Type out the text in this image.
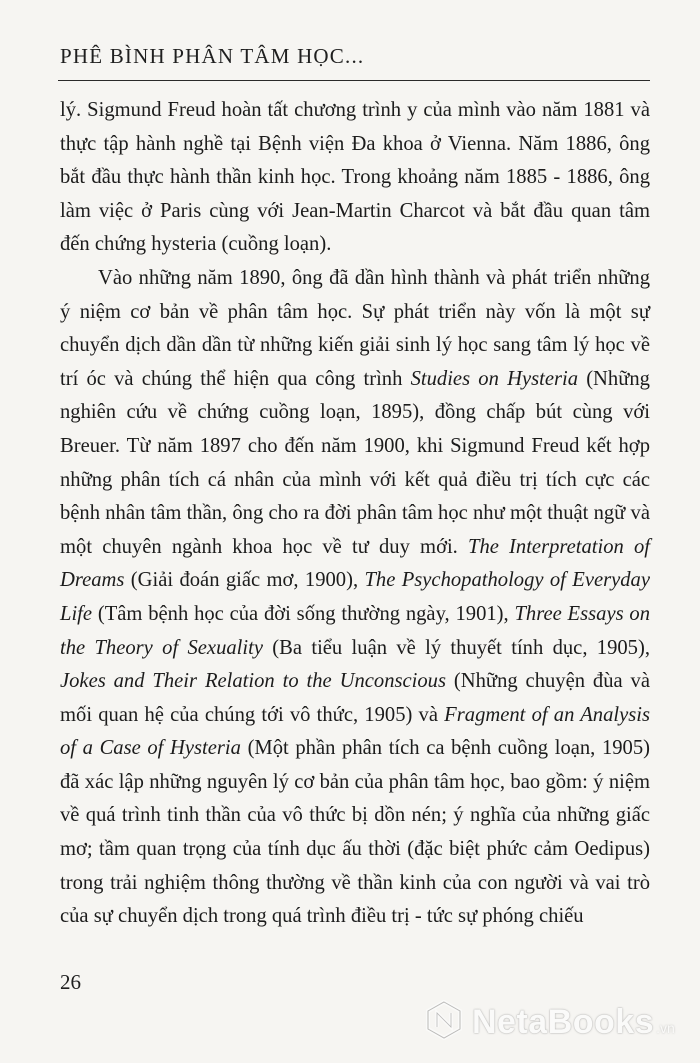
PHÊ BÌNH PHÂN TÂM HỌC...

lý. Sigmund Freud hoàn tất chương trình y của mình vào năm 1881 và thực tập hành nghề tại Bệnh viện Đa khoa ở Vienna. Năm 1886, ông bắt đầu thực hành thần kinh học. Trong khoảng năm 1885 - 1886, ông làm việc ở Paris cùng với Jean-Martin Charcot và bắt đầu quan tâm đến chứng hysteria (cuồng loạn).

Vào những năm 1890, ông đã dần hình thành và phát triển những ý niệm cơ bản về phân tâm học. Sự phát triển này vốn là một sự chuyển dịch dần dần từ những kiến giải sinh lý học sang tâm lý học về trí óc và chúng thể hiện qua công trình Studies on Hysteria (Những nghiên cứu về chứng cuồng loạn, 1895), đồng chấp bút cùng với Breuer. Từ năm 1897 cho đến năm 1900, khi Sigmund Freud kết hợp những phân tích cá nhân của mình với kết quả điều trị tích cực các bệnh nhân tâm thần, ông cho ra đời phân tâm học như một thuật ngữ và một chuyên ngành khoa học về tư duy mới. The Interpretation of Dreams (Giải đoán giấc mơ, 1900), The Psychopathology of Everyday Life (Tâm bệnh học của đời sống thường ngày, 1901), Three Essays on the Theory of Sexuality (Ba tiểu luận về lý thuyết tính dục, 1905), Jokes and Their Relation to the Unconscious (Những chuyện đùa và mối quan hệ của chúng tới vô thức, 1905) và Fragment of an Analysis of a Case of Hysteria (Một phần phân tích ca bệnh cuồng loạn, 1905) đã xác lập những nguyên lý cơ bản của phân tâm học, bao gồm: ý niệm về quá trình tinh thần của vô thức bị dồn nén; ý nghĩa của những giấc mơ; tầm quan trọng của tính dục ấu thời (đặc biệt phức cảm Oedipus) trong trải nghiệm thông thường về thần kinh của con người và vai trò của sự chuyển dịch trong quá trình điều trị - tức sự phóng chiếu

26
NetaBooks .vn
